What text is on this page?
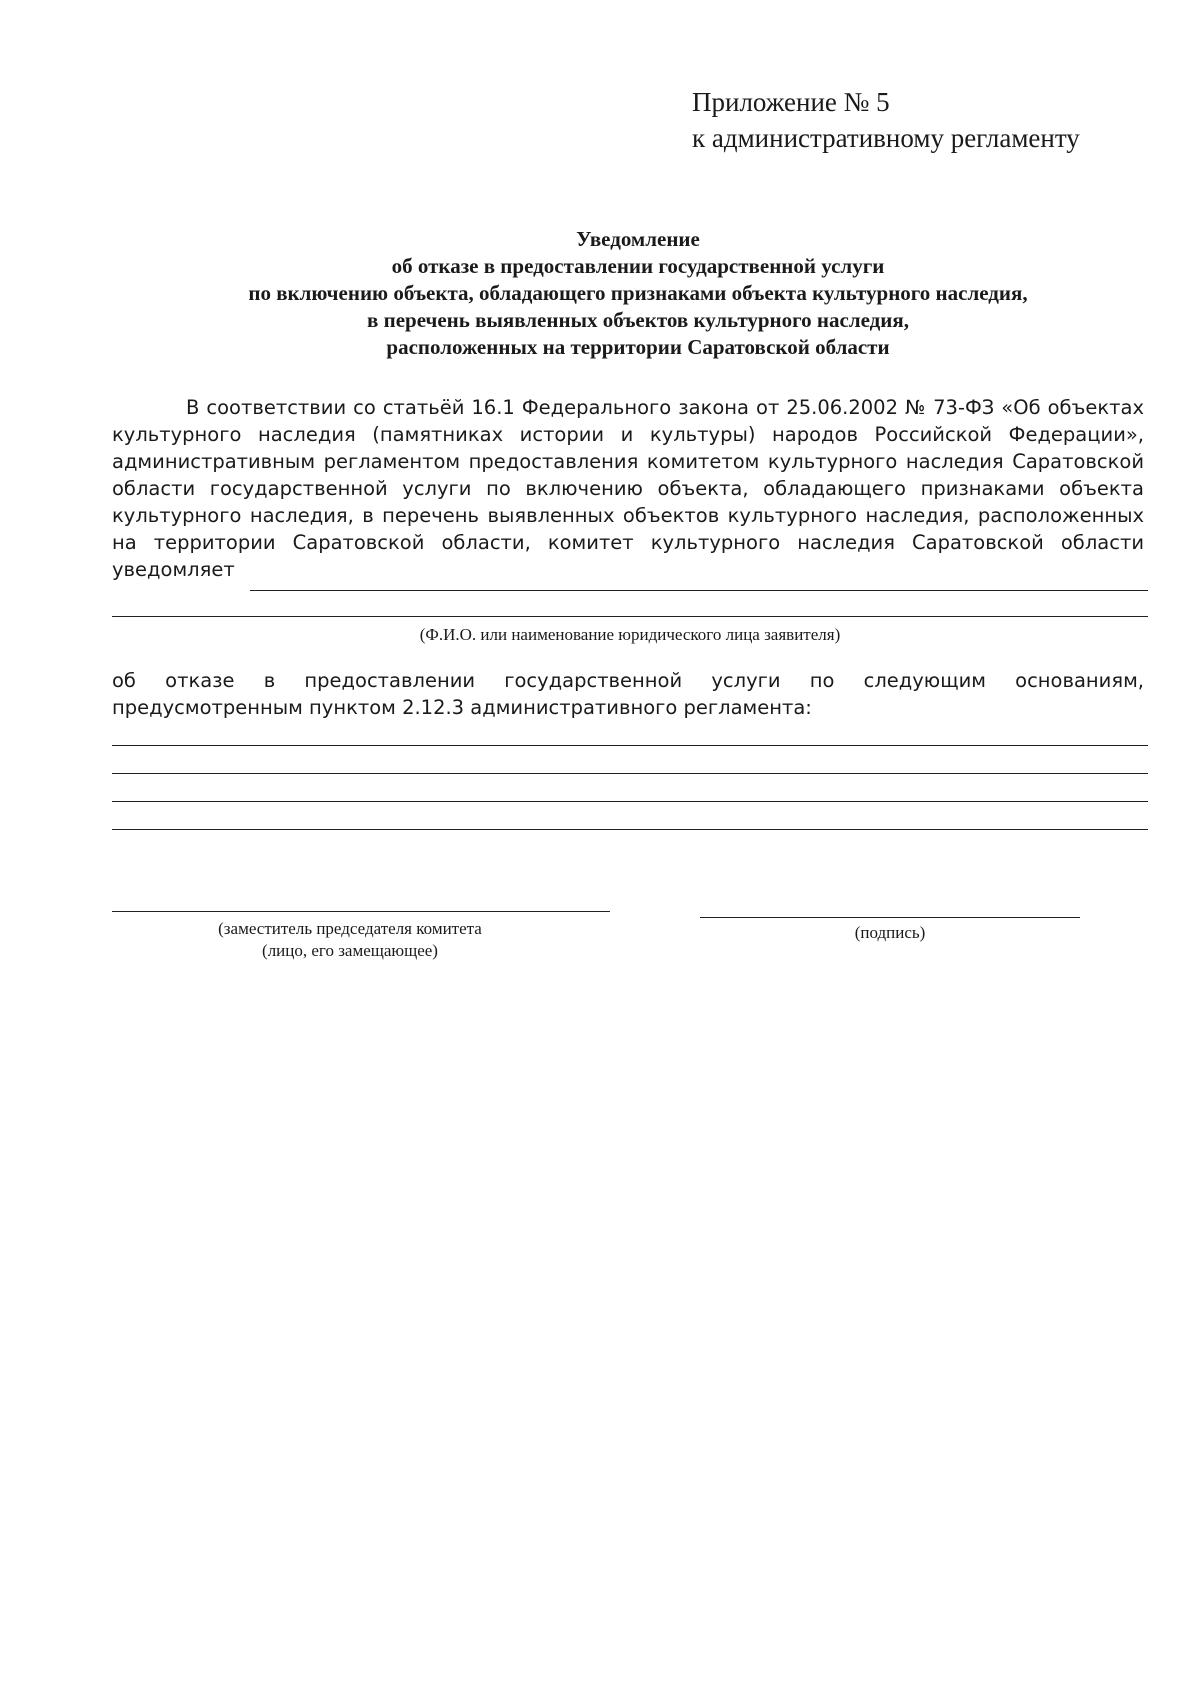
Приложение № 5
к административному регламенту
Уведомление
об отказе в предоставлении государственной услуги
по включению объекта, обладающего признаками объекта культурного наследия,
в перечень выявленных объектов культурного наследия,
расположенных на территории Саратовской области
В соответствии со статьёй 16.1 Федерального закона от 25.06.2002 № 73-ФЗ «Об объектах культурного наследия (памятниках истории и культуры) народов Российской Федерации», административным регламентом предоставления комитетом культурного наследия Саратовской области государственной услуги по включению объекта, обладающего признаками объекта культурного наследия, в перечень выявленных объектов культурного наследия, расположенных на территории Саратовской области, комитет культурного наследия Саратовской области уведомляет
(Ф.И.О. или наименование юридического лица заявителя)
об отказе в предоставлении государственной услуги по следующим основаниям,
предусмотренным пунктом 2.12.3 административного регламента:
(заместитель председателя комитета
(лицо, его замещающее)
(подпись)
